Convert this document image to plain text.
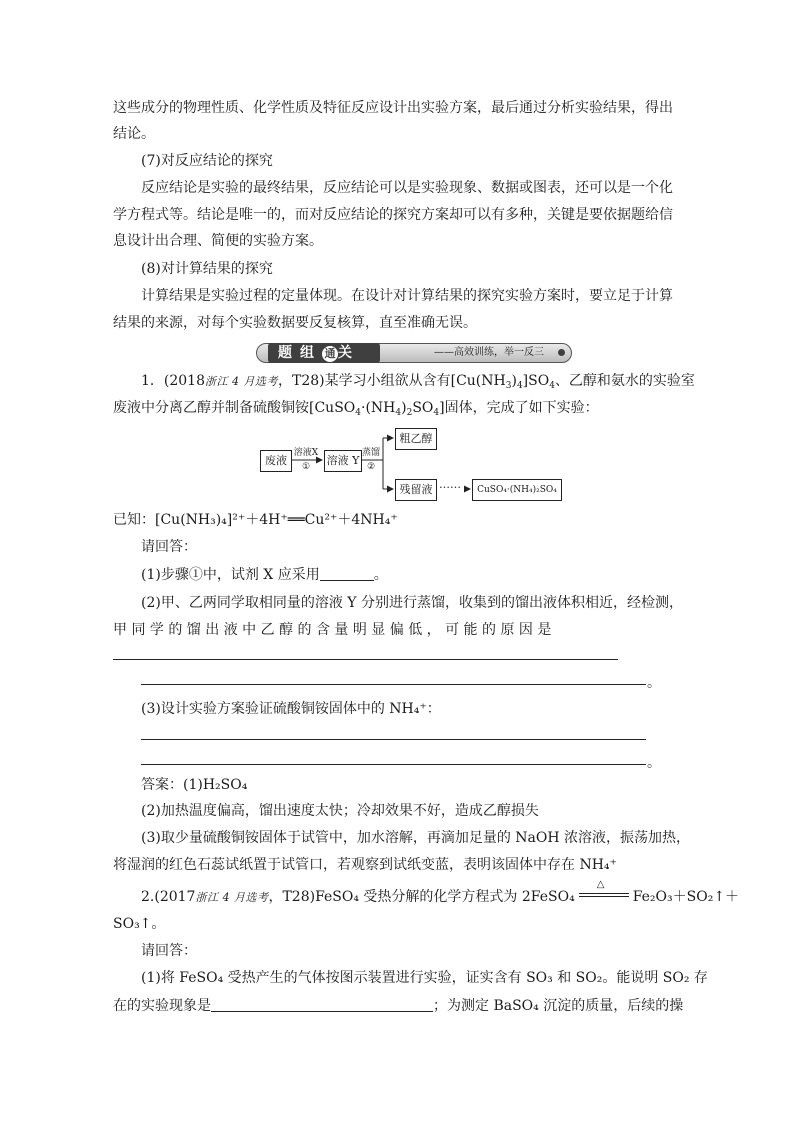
这些成分的物理性质、化学性质及特征反应设计出实验方案，最后通过分析实验结果，得出
结论。
(7)对反应结论的探究
反应结论是实验的最终结果，反应结论可以是实验现象、数据或图表，还可以是一个化
学方程式等。结论是唯一的，而对反应结论的探究方案却可以有多种，关键是要依据题给信
息设计出合理、简便的实验方案。
(8)对计算结果的探究
计算结果是实验过程的定量体现。在设计对计算结果的探究实验方案时，要立足于计算
结果的来源，对每个实验数据要反复核算，直至准确无误。
题组 通 关	——高效训练，举一反三
1．(2018浙江 4 月选考，T28)某学习小组欲从含有$[Cu(NH_3)_4]SO_4$、乙醇和氨水的实验室
废液中分离乙醇并制备硫酸铜铵$[CuSO_4\cdot(NH_4)_2SO_4]$固体，完成了如下实验：
废液
溶液X
①	溶液 Y
蒸馏
②
粗乙醇
残留液 ……	CuSO₄·(NH₄)₂SO₄
已知：[Cu(NH₃)₄]²⁺＋4H⁺══Cu²⁺＋4NH₄⁺
请回答：
(1)步骤①中，试剂 X 应采用	。
(2)甲、乙两同学取相同量的溶液 Y 分别进行蒸馏，收集到的馏出液体积相近，经检测，
甲 同 学 的 馏 出 液 中 乙 醇 的 含 量 明 显 偏 低 ， 可 能 的 原 因 是
。
(3)设计实验方案验证硫酸铜铵固体中的 NH₄⁺：
。
答案：(1)H₂SO₄
(2)加热温度偏高，馏出速度太快；冷却效果不好，造成乙醇损失
(3)取少量硫酸铜铵固体于试管中，加水溶解，再滴加足量的 NaOH 浓溶液，振荡加热，
将湿润的红色石蕊试纸置于试管口，若观察到试纸变蓝，表明该固体中存在 NH₄⁺
2.(2017浙江 4 月选考，T28)FeSO₄ 受热分解的化学方程式为 2FeSO₄
△
Fe₂O₃＋SO₂↑＋
SO₃↑。
请回答：
(1)将 FeSO₄ 受热产生的气体按图示装置进行实验，证实含有 SO₃ 和 SO₂。能说明 SO₂ 存
在的实验现象是	；为测定 BaSO₄ 沉淀的质量，后续的操
